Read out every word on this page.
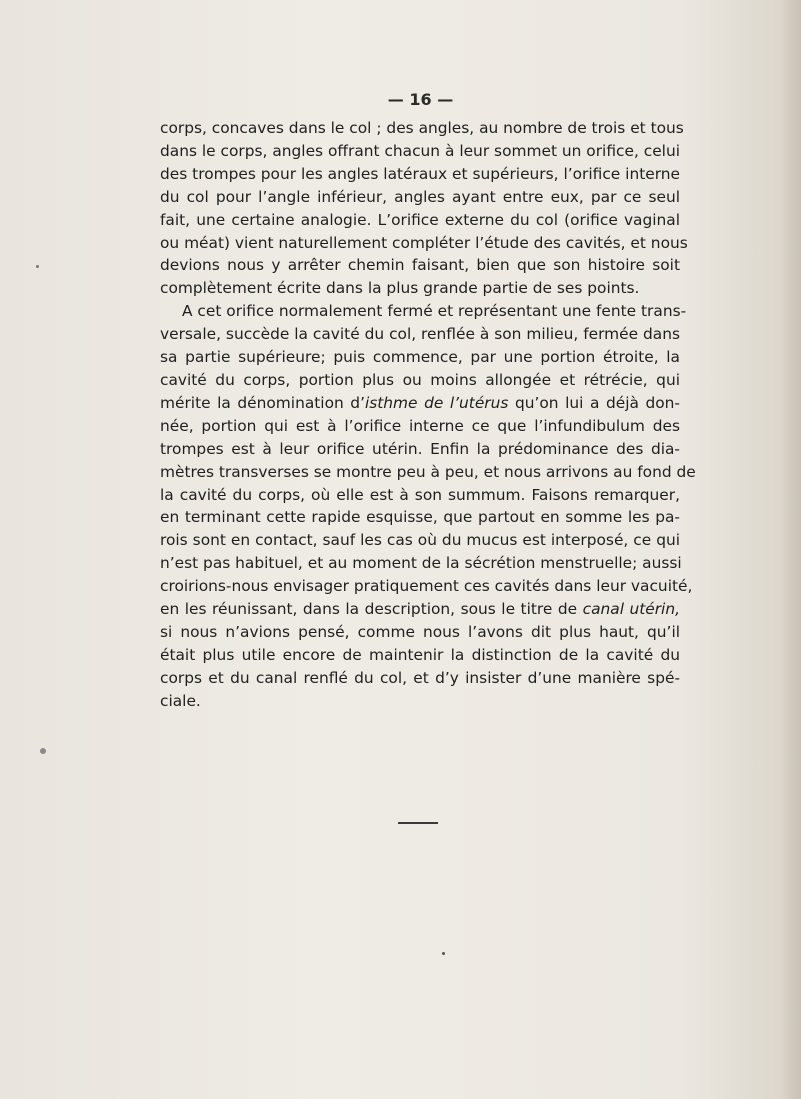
— 16 —
corps, concaves dans le col ; des angles, au nombre de trois et tous
dans le corps, angles offrant chacun à leur sommet un orifice, celui
des trompes pour les angles latéraux et supérieurs, l’orifice interne
du col pour l’angle inférieur, angles ayant entre eux, par ce seul
fait, une certaine analogie. L’orifice externe du col (orifice vaginal
ou méat) vient naturellement compléter l’étude des cavités, et nous
devions nous y arrêter chemin faisant, bien que son histoire soit
complètement écrite dans la plus grande partie de ses points.
A cet orifice normalement fermé et représentant une fente trans-
versale, succède la cavité du col, renflée à son milieu, fermée dans
sa partie supérieure; puis commence, par une portion étroite, la
cavité du corps, portion plus ou moins allongée et rétrécie, qui
mérite la dénomination d’isthme de l’utérus qu’on lui a déjà don-
née, portion qui est à l’orifice interne ce que l’infundibulum des
trompes est à leur orifice utérin. Enfin la prédominance des dia-
mètres transverses se montre peu à peu, et nous arrivons au fond de
la cavité du corps, où elle est à son summum. Faisons remarquer,
en terminant cette rapide esquisse, que partout en somme les pa-
rois sont en contact, sauf les cas où du mucus est interposé, ce qui
n’est pas habituel, et au moment de la sécrétion menstruelle; aussi
croirions-nous envisager pratiquement ces cavités dans leur vacuité,
en les réunissant, dans la description, sous le titre de canal utérin,
si nous n’avions pensé, comme nous l’avons dit plus haut, qu’il
était plus utile encore de maintenir la distinction de la cavité du
corps et du canal renflé du col, et d’y insister d’une manière spé-
ciale.
